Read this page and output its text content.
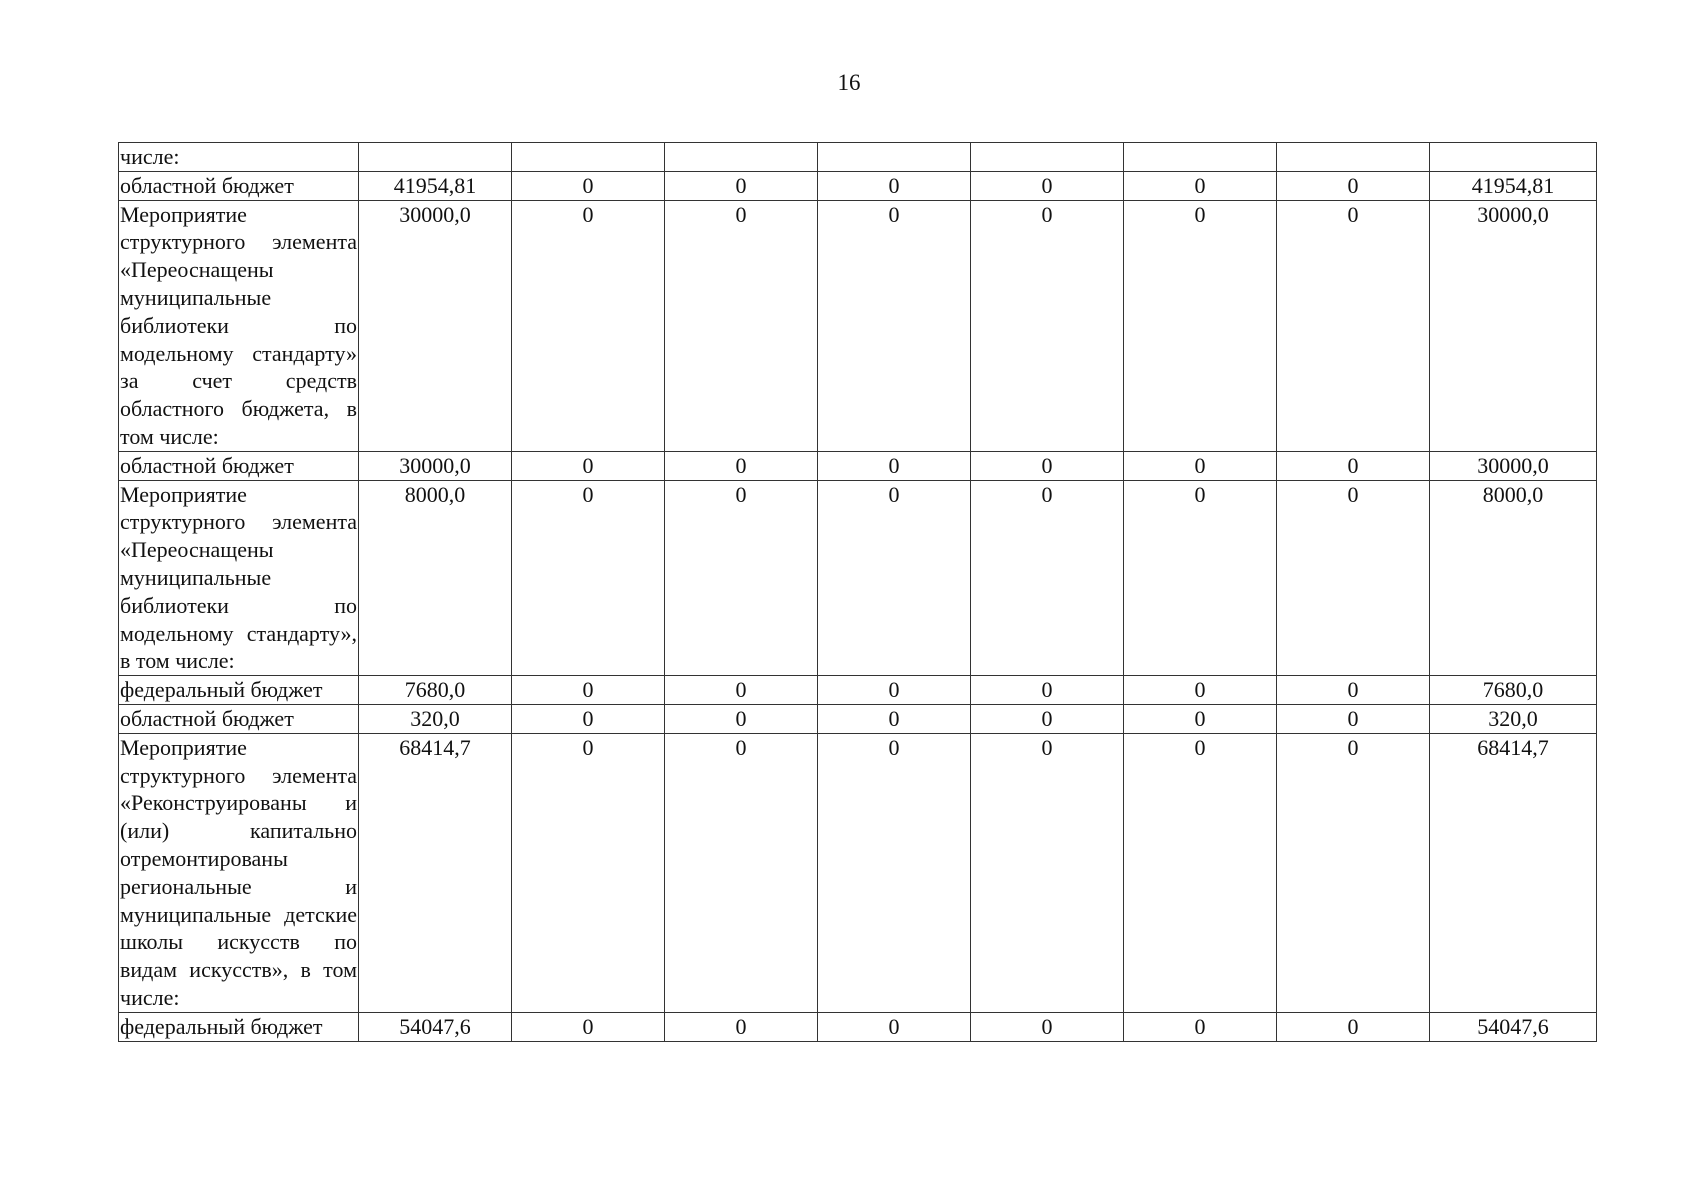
16
числе:								
областной бюджет	41954,81	0	0	0	0	0	0	41954,81
Мероприятие структурного элемента «Переоснащены муниципальные библиотеки по модельному стандарту» за счет средств областного бюджета, в том числе:	30000,0	0	0	0	0	0	0	30000,0
областной бюджет	30000,0	0	0	0	0	0	0	30000,0
Мероприятие структурного элемента «Переоснащены муниципальные библиотеки по модельному стандарту», в том числе:	8000,0	0	0	0	0	0	0	8000,0
федеральный бюджет	7680,0	0	0	0	0	0	0	7680,0
областной бюджет	320,0	0	0	0	0	0	0	320,0
Мероприятие структурного элемента «Реконструированы и (или) капитально отремонтированы региональные и муниципальные детские школы искусств по видам искусств», в том числе:	68414,7	0	0	0	0	0	0	68414,7
федеральный бюджет	54047,6	0	0	0	0	0	0	54047,6
